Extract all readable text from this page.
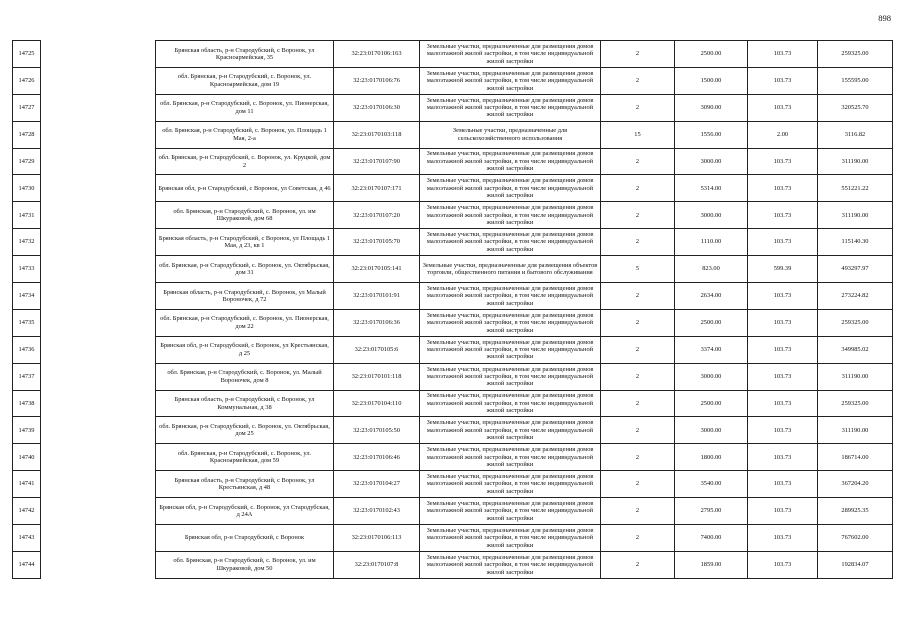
898
14725		Брянская область, р-н Стародубский, с Воронок, ул Красноармейская, 35	32:23:0170106:163	Земельные участки, предназначенные для размещения домов малоэтажной жилой застройки, в том числе индивидуальной жилой застройки	2	2500.00	103.73	259325.00
14726		обл. Брянская, р-н Стародубский, с. Воронок, ул. Красноармейская, дом 19	32:23:0170106:76	Земельные участки, предназначенные для размещения домов малоэтажной жилой застройки, в том числе индивидуальной жилой застройки	2	1500.00	103.73	155595.00
14727		обл. Брянская, р-н Стародубский, с. Воронок, ул. Пионерская, дом 11	32:23:0170106:30	Земельные участки, предназначенные для размещения домов малоэтажной жилой застройки, в том числе индивидуальной жилой застройки	2	3090.00	103.73	320525.70
14728		обл. Брянская, р-н Стародубский, с. Воронок, ул. Площадь 1 Мая, 2-а	32:23:0170103:118	Земельные участки, предназначенные для сельскохозяйственного использования	15	1556.00	2.00	3116.82
14729		обл. Брянская, р-н Стародубский, с. Воронок, ул. Круцкой, дом 2	32:23:0170107:90	Земельные участки, предназначенные для размещения домов малоэтажной жилой застройки, в том числе индивидуальной жилой застройки	2	3000.00	103.73	311190.00
14730		Брянская обл, р-н Стародубский, с Воронок, ул Советская, д 46	32:23:0170107:171	Земельные участки, предназначенные для размещения домов малоэтажной жилой застройки, в том числе индивидуальной жилой застройки	2	5314.00	103.73	551221.22
14731		обл. Брянская, р-н Стародубский, с. Воронок, ул. им Шкураковой, дом 68	32:23:0170107:20	Земельные участки, предназначенные для размещения домов малоэтажной жилой застройки, в том числе индивидуальной жилой застройки	2	3000.00	103.73	311190.00
14732		Брянская область, р-н Стародубский, с Воронок, ул Площадь 1 Мая, д 23, кв 1	32:23:0170105:70	Земельные участки, предназначенные для размещения домов малоэтажной жилой застройки, в том числе индивидуальной жилой застройки	2	1110.00	103.73	115140.30
14733		обл. Брянская, р-н Стародубский, с. Воронок, ул. Октябрьская, дом 31	32:23:0170105:141	Земельные участки, предназначенные для размещения объектов торговли, общественного питания и бытового обслуживания	5	823.00	599.39	493297.97
14734		Брянская область, р-н Стародубский, с. Воронок, ул Малый Вороночек, д 72	32:23:0170101:91	Земельные участки, предназначенные для размещения домов малоэтажной жилой застройки, в том числе индивидуальной жилой застройки	2	2634.00	103.73	273224.82
14735		обл. Брянская, р-н Стародубский, с. Воронок, ул. Пионерская, дом 22	32:23:0170106:36	Земельные участки, предназначенные для размещения домов малоэтажной жилой застройки, в том числе индивидуальной жилой застройки	2	2500.00	103.73	259325.00
14736		Брянская обл, р-н Стародубский, с Воронок, ул Крестьянская, д 25	32:23:0170105:6	Земельные участки, предназначенные для размещения домов малоэтажной жилой застройки, в том числе индивидуальной жилой застройки	2	3374.00	103.73	349985.02
14737		обл. Брянская, р-н Стародубский, с. Воронок, ул. Малый Вороночек, дом 8	32:23:0170101:118	Земельные участки, предназначенные для размещения домов малоэтажной жилой застройки, в том числе индивидуальной жилой застройки	2	3000.00	103.73	311190.00
14738		Брянская область, р-н Стародубский, с Воронок, ул Коммунальная, д 38	32:23:0170104:110	Земельные участки, предназначенные для размещения домов малоэтажной жилой застройки, в том числе индивидуальной жилой застройки	2	2500.00	103.73	259325.00
14739		обл. Брянская, р-н Стародубский, с. Воронок, ул. Октябрьская, дом 25	32:23:0170105:50	Земельные участки, предназначенные для размещения домов малоэтажной жилой застройки, в том числе индивидуальной жилой застройки	2	3000.00	103.73	311190.00
14740		обл. Брянская, р-н Стародубский, с. Воронок, ул. Красноармейская, дом 59	32:23:0170106:46	Земельные участки, предназначенные для размещения домов малоэтажной жилой застройки, в том числе индивидуальной жилой застройки	2	1800.00	103.73	186714.00
14741		Брянская область, р-н Стародубский, с Воронок, ул Крестьянская, д 48	32:23:0170104:27	Земельные участки, предназначенные для размещения домов малоэтажной жилой застройки, в том числе индивидуальной жилой застройки	2	3540.00	103.73	367204.20
14742		Брянская обл, р-н Стародубский, с. Воронок, ул Стародубская, д 24А	32:23:0170102:43	Земельные участки, предназначенные для размещения домов малоэтажной жилой застройки, в том числе индивидуальной жилой застройки	2	2795.00	103.73	289925.35
14743		Брянская обл, р-н Стародубский, с Воронок	32:23:0170106:113	Земельные участки, предназначенные для размещения домов малоэтажной жилой застройки, в том числе индивидуальной жилой застройки	2	7400.00	103.73	767602.00
14744		обл. Брянская, р-н Стародубский, с. Воронок, ул. им Шкураковой, дом 50	32:23:0170107:8	Земельные участки, предназначенные для размещения домов малоэтажной жилой застройки, в том числе индивидуальной жилой застройки	2	1859.00	103.73	192834.07
